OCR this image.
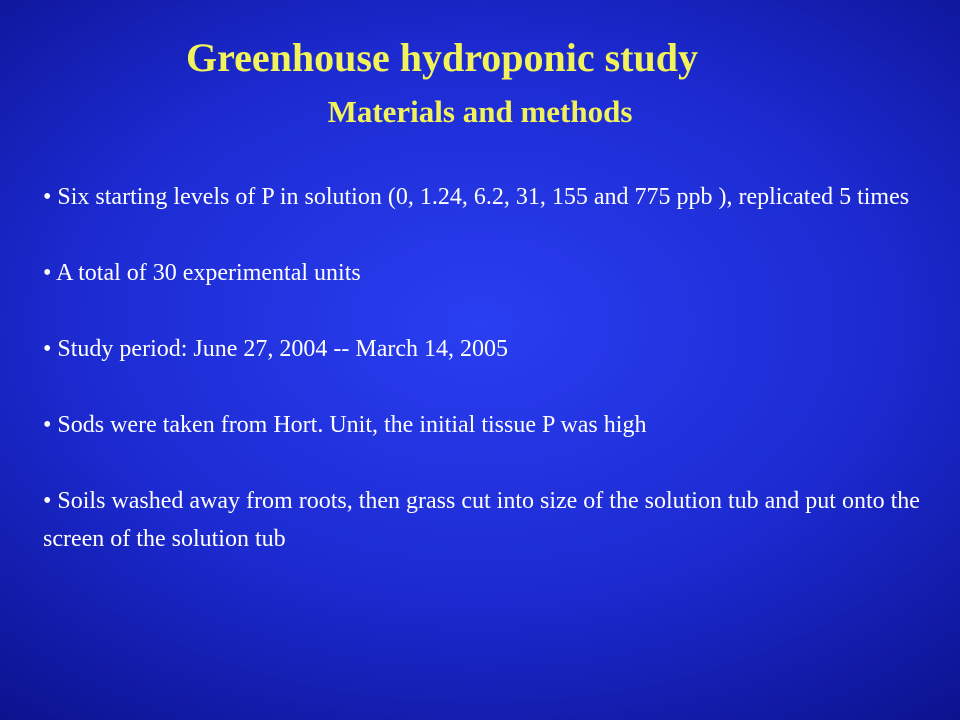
Greenhouse hydroponic study
Materials and methods
• Six starting levels of P in solution (0, 1.24, 6.2, 31, 155 and 775 ppb ), replicated 5 times
• A total of 30 experimental units
• Study period: June 27, 2004 -- March 14, 2005
• Sods were taken from Hort. Unit, the initial tissue P was high
• Soils washed away from roots, then grass cut into size of the solution tub and put onto the screen of the solution tub
